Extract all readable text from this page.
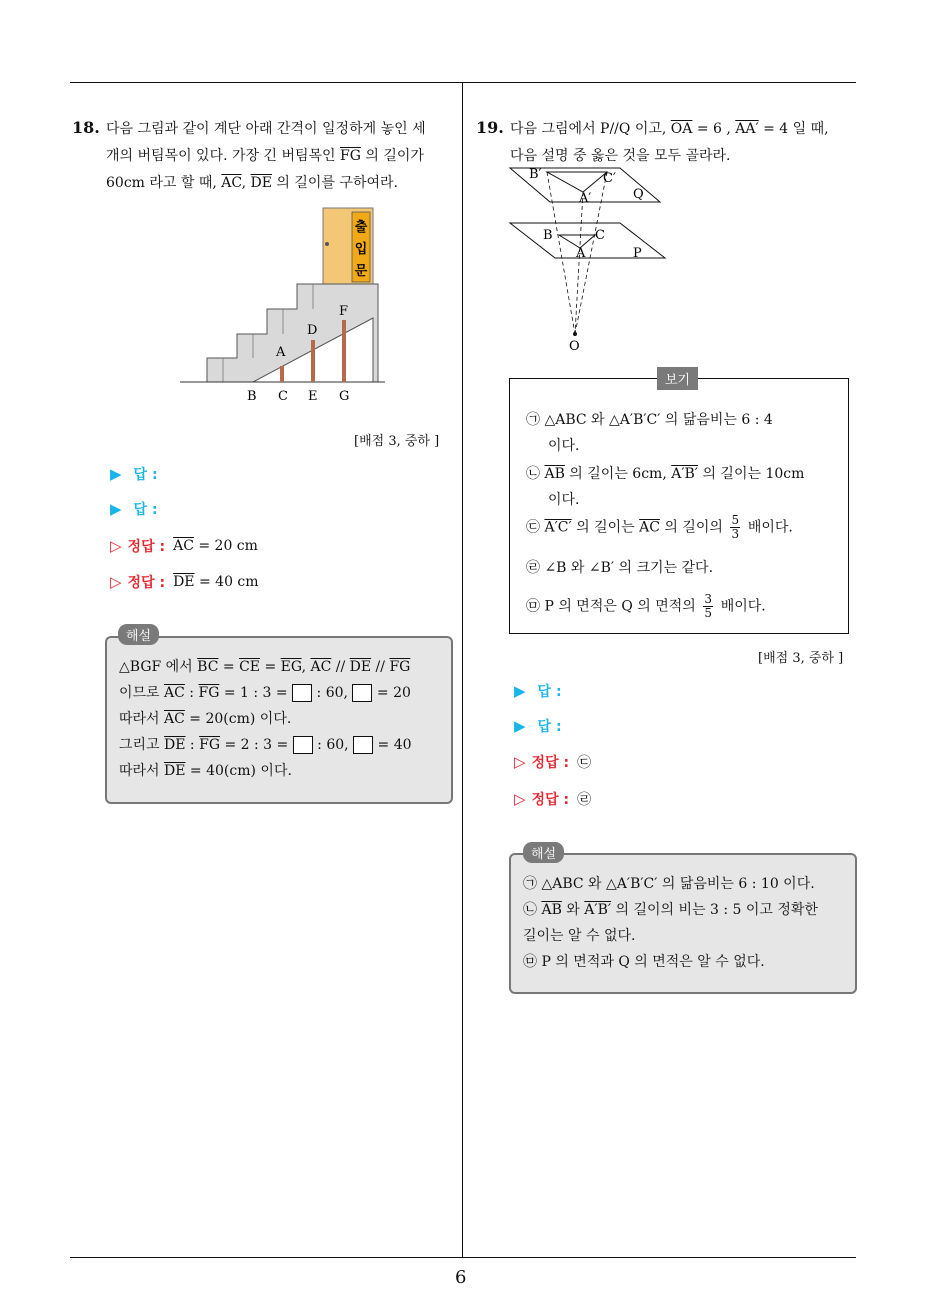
6
18. 다음 그림과 같이 계단 아래 간격이 일정하게 놓인 세
개의 버팀목이 있다. 가장 긴 버팀목인 $\overline{FG}$ 의 길이가
60cm 라고 할 때, $\overline{AC}$, $\overline{DE}$ 의 길이를 구하여라.
출
입
문
A
D
F
B C E G
[배점 3, 중하 ]
▶ 답 :
▶ 답 :
▷ 정답 : $\overline{AC} = 20$ cm
▷ 정답 : $\overline{DE} = 40$ cm
△BGF 에서 $\overline{BC} = \overline{CE} = \overline{EG}$, $\overline{AC} // \overline{DE} // \overline{FG}$
이므로 $\overline{AC}$ : $\overline{FG} = 1$ : 3 =  : 60,  = 20
따라서 $\overline{AC} = 20(cm)$ 이다.
그리고 $\overline{DE}$ : $\overline{FG} = 2$ : 3 =  : 60,  = 40
따라서 $\overline{DE} = 40(cm)$ 이다.
해설
19. 다음 그림에서 P//Q 이고, $\overline{OA} = 6$ , AA′ = 4 일 때,
다음 설명 중 옳은 것을 모두 골라라.
B′	C′
A′	Q
B	C
A	P
O
보기
㉠ △ABC 와 △A′B′C′ 의 닮음비는 6 : 4
이다.
㉡ $\overline{AB}$ 의 길이는 6cm, A′B′ 의 길이는 10cm
이다.
㉢ A′C′ 의 길이는 $\overline{AC}$ 의 길이의 $\frac{5}{3}$ 배이다.
㉣ ∠B 와 ∠B′ 의 크기는 같다.
㉤ P 의 면적은 Q 의 면적의 $\frac{3}{5}$ 배이다.
[배점 3, 중하 ]
▶ 답 :
▶ 답 :
▷ 정답 : ㉢
▷ 정답 : ㉣
㉠ △ABC 와 △A′B′C′ 의 닮음비는 6 : 10 이다.
㉡ $\overline{AB}$ 와 A′B′ 의 길이의 비는 3 : 5 이고 정확한
길이는 알 수 없다.
㉤ P 의 면적과 Q 의 면적은 알 수 없다.
해설
